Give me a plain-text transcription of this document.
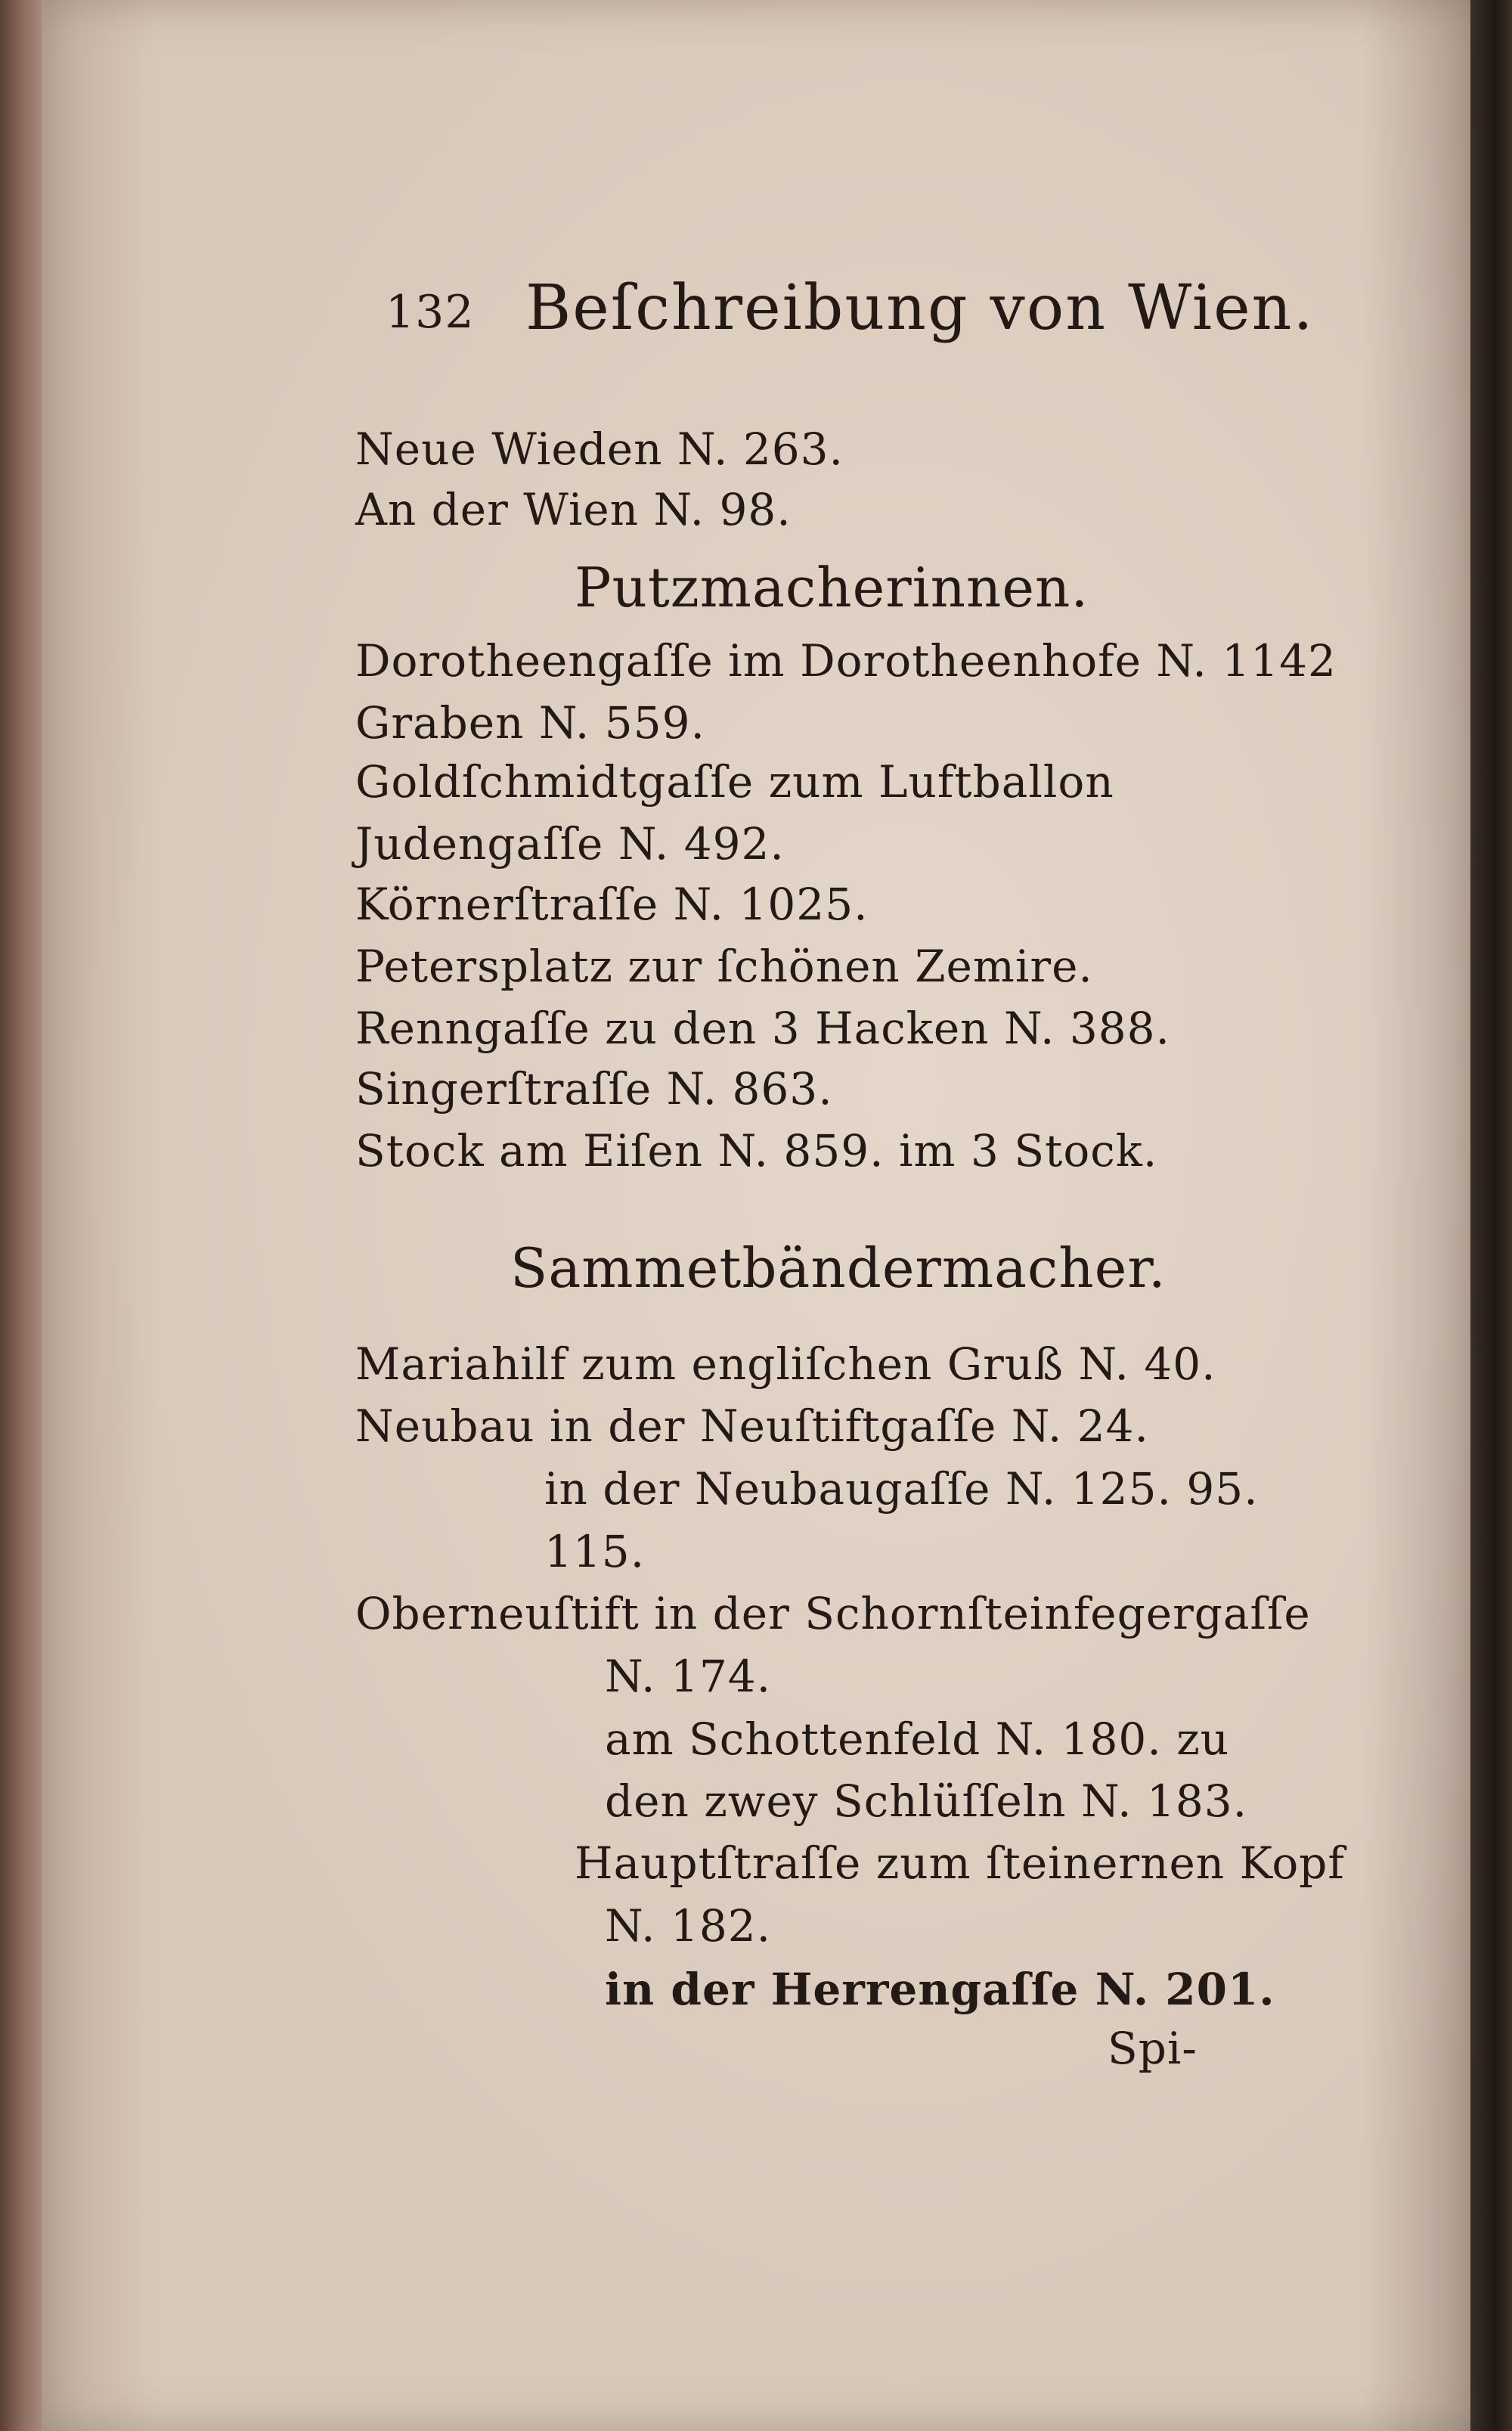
132 Beſchreibung von Wien.
Neue Wieden N. 263.
An der Wien N. 98.
Putzmacherinnen.
Dorotheengaſſe im Dorotheenhofe N. 1142
Graben N. 559.
Goldſchmidtgaſſe zum Luftballon
Judengaſſe N. 492.
Körnerſtraſſe N. 1025.
Petersplatz zur ſchönen Zemire.
Renngaſſe zu den 3 Hacken N. 388.
Singerſtraſſe N. 863.
Stock am Eiſen N. 859. im 3 Stock.
Sammetbändermacher.
Mariahilf zum engliſchen Gruß N. 40.
Neubau in der Neuſtiftgaſſe N. 24.
in der Neubaugaſſe N. 125. 95.
115.
Oberneuſtift in der Schornſteinfegergaſſe
N. 174.
am Schottenfeld N. 180. zu
den zwey Schlüſſeln N. 183.
Hauptſtraſſe zum ſteinernen Kopf
N. 182.
in der Herrengaſſe N. 201.
Spi-
